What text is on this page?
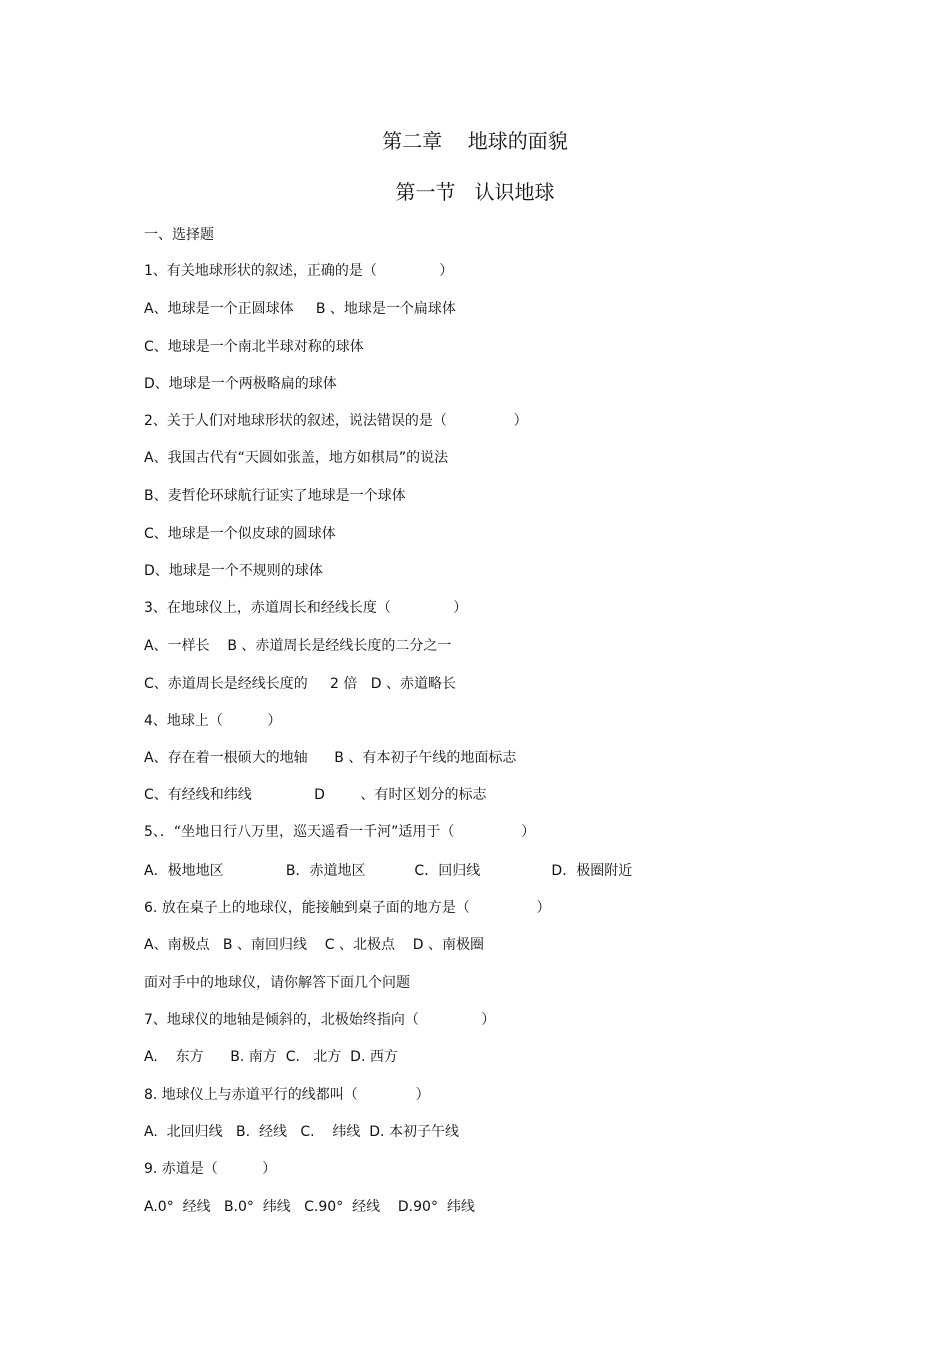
第二章    地球的面貌
第一节   认识地球
一、选择题
1、有关地球形状的叙述，正确的是（              ）
A、地球是一个正圆球体     B 、地球是一个扁球体
C、地球是一个南北半球对称的球体
D、地球是一个两极略扁的球体
2、关于人们对地球形状的叙述，说法错误的是（               ）
A、我国古代有“天圆如张盖，地方如棋局”的说法
B、麦哲伦环球航行证实了地球是一个球体
C、地球是一个似皮球的圆球体
D、地球是一个不规则的球体
3、在地球仪上，赤道周长和经线长度（              ）
A、一样长    B 、赤道周长是经线长度的二分之一
C、赤道周长是经线长度的     2 倍   D 、赤道略长
4、地球上（          ）
A、存在着一根硕大的地轴      B 、有本初子午线的地面标志
C、有经线和纬线              D        、有时区划分的标志
5、．“坐地日行八万里，巡天遥看一千河”适用于（               ）
A．极地地区              B．赤道地区           C．回归线                D．极圈附近
6. 放在桌子上的地球仪，能接触到桌子面的地方是（               ）
A、南极点   B 、南回归线    C 、北极点    D 、南极圈
面对手中的地球仪，请你解答下面几个问题
7、地球仪的地轴是倾斜的，北极始终指向（              ）
A.    东方      B. 南方  C.   北方  D. 西方
8. 地球仪上与赤道平行的线都叫（             ）
A.  北回归线   B.  经线   C.    纬线  D. 本初子午线
9. 赤道是（          ）
A.0°  经线   B.0°  纬线   C.90°  经线    D.90°  纬线
